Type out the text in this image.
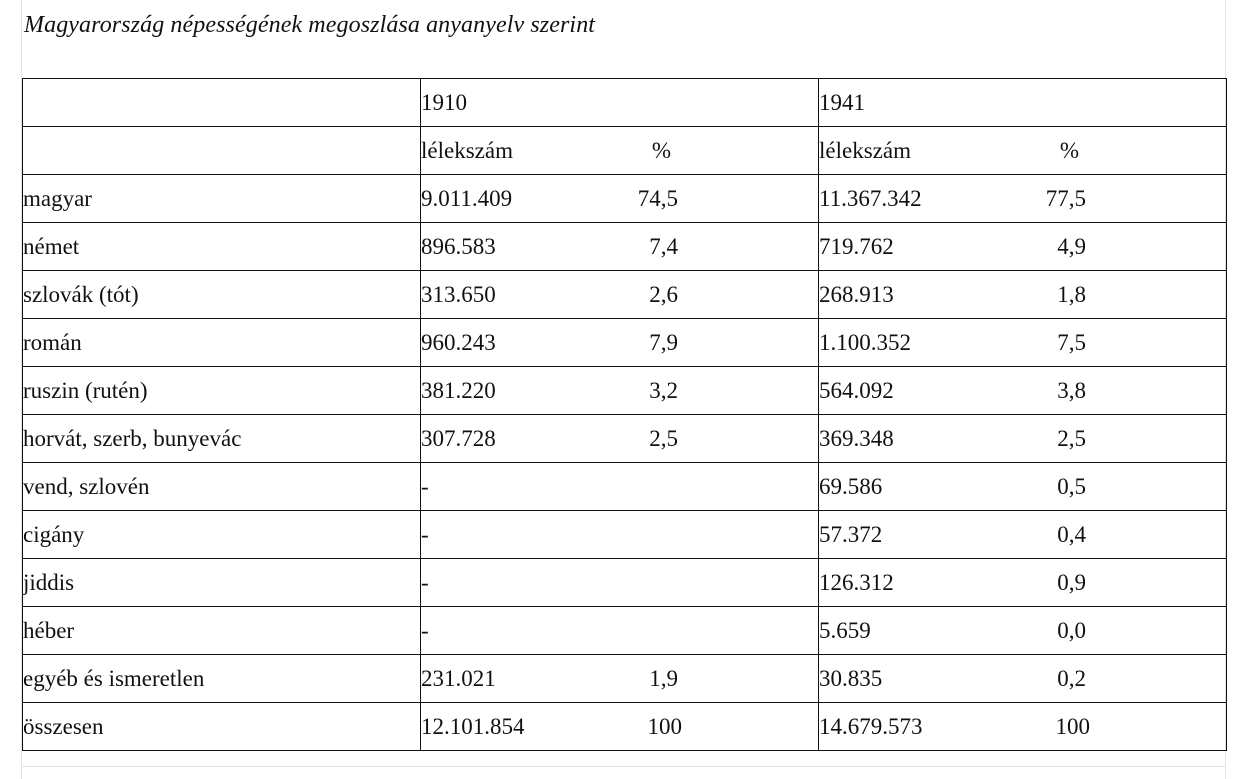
Magyarország népességének megoszlása anyanyelv szerint
	1910	1941

	lélekszám %	lélekszám %

magyar	9.011.409 74,5	11.367.342 77,5

német	896.583 7,4	719.762 4,9

szlovák (tót)	313.650 2,6	268.913 1,8

román	960.243 7,9	1.100.352 7,5

ruszin (rutén)	381.220 3,2	564.092 3,8

horvát, szerb, bunyevác	307.728 2,5	369.348 2,5

vend, szlovén	-	69.586 0,5

cigány	-	57.372 0,4

jiddis	-	126.312 0,9

héber	-	5.659 0,0

egyéb és ismeretlen	231.021 1,9	30.835 0,2

összesen	12.101.854 100	14.679.573 100
